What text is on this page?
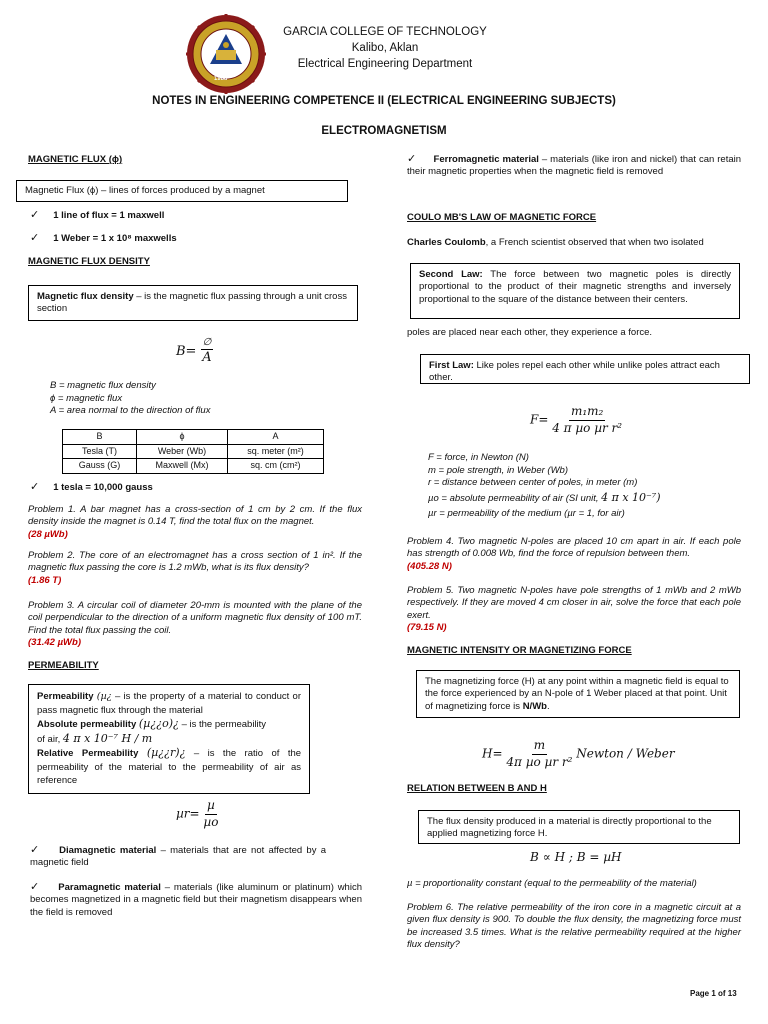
1988
GARCIA COLLEGE OF TECHNOLOGY
Kalibo, Aklan
Electrical Engineering Department
NOTES IN ENGINEERING COMPETENCE II (ELECTRICAL ENGINEERING SUBJECTS)
ELECTROMAGNETISM
MAGNETIC FLUX (ϕ)
Magnetic Flux (ϕ) – lines of forces produced by a magnet
✓ 1 line of flux = 1 maxwell
✓ 1 Weber = 1 x 10⁸ maxwells
MAGNETIC FLUX DENSITY
Magnetic flux density – is the magnetic flux passing through a unit cross section
$B= \frac{\emptyset}{A}$
B = magnetic flux density
ϕ = magnetic flux
A = area normal to the direction of flux
B	ϕ	A
Tesla (T)	Weber (Wb)	sq. meter (m²)
Gauss (G)	Maxwell (Mx)	sq. cm (cm²)
✓ 1 tesla = 10,000 gauss
Problem 1. A bar magnet has a cross-section of 1 cm by 2 cm. If the flux density inside the magnet is 0.14 T, find the total flux on the magnet.
(28 µWb)
Problem 2. The core of an electromagnet has a cross section of 1 in². If the magnetic flux passing the core is 1.2 mWb, what is its flux density?
(1.86 T)
Problem 3. A circular coil of diameter 20-mm is mounted with the plane of the coil perpendicular to the direction of a uniform magnetic flux density of 100 mT. Find the total flux passing the coil.
(31.42 µWb)
PERMEABILITY
Permeability (µ¿ – is the property of a material to conduct or pass magnetic flux through the material
Absolute permeability (µ¿¿o)¿ – is the permeability
of air, 4 π x 10⁻⁷ H / m
Relative Permeability (µ¿¿r)¿ – is the ratio of the permeability of the material to the permeability of air as reference
$\mu r= \frac{\text{µ}}{\text{µo}}$
✓ Diamagnetic material – materials that are not affected by a magnetic field
✓ Paramagnetic material – materials (like aluminum or platinum) which becomes magnetized in a magnetic field but their magnetism disappears when the field is removed
✓ Ferromagnetic material – materials (like iron and nickel) that can retain their magnetic properties when the magnetic field is removed
COULO MB'S LAW OF MAGNETIC FORCE
Charles Coulomb, a French scientist observed that when two isolated
Second Law: The force between two magnetic poles is directly proportional to the product of their magnetic strengths and inversely proportional to the square of the distance between their centers.
poles are placed near each other, they experience a force.
First Law: Like poles repel each other while unlike poles attract each other.
$F= \frac{\text{m₁m₂}}{\text{4 π µo µr r²}}$
F = force, in Newton (N)
m = pole strength, in Weber (Wb)
r = distance between center of poles, in meter (m)
µo = absolute permeability of air (SI unit, 4 π x 10⁻⁷)
µr = permeability of the medium (µr = 1, for air)
Problem 4. Two magnetic N-poles are placed 10 cm apart in air. If each pole has strength of 0.008 Wb, find the force of repulsion between them.
(405.28 N)
Problem 5. Two magnetic N-poles have pole strengths of 1 mWb and 2 mWb respectively. If they are moved 4 cm closer in air, solve the force that each pole exert.
(79.15 N)
MAGNETIC INTENSITY OR MAGNETIZING FORCE
The magnetizing force (H) at any point within a magnetic field is equal to the force experienced by an N-pole of 1 Weber placed at that point. Unit of magnetizing force is N/Wb.
$H= \frac{m}{\text{4π µo µr r²}}$ Newton / Weber
RELATION BETWEEN B AND H
The flux density produced in a material is directly proportional to the applied magnetizing force H.
B ∝ H ; B = µH
µ = proportionality constant (equal to the permeability of the material)
Problem 6. The relative permeability of the iron core in a magnetic circuit at a given flux density is 900. To double the flux density, the magnetizing force must be increased 3.5 times. What is the relative permeability required at the higher flux density?
Page 1 of 13
